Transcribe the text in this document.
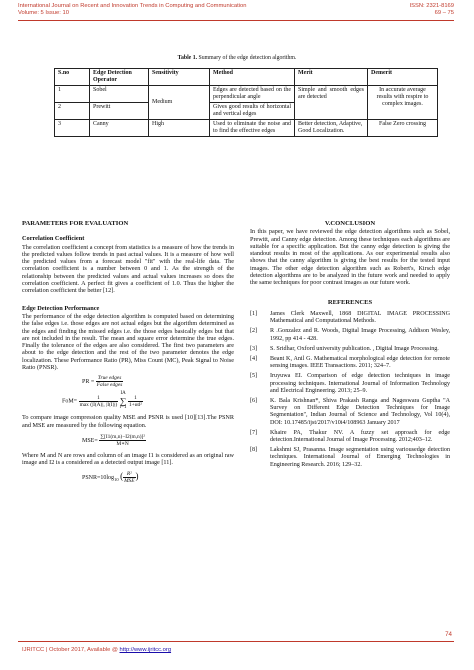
International Journal on Recent and Innovation Trends in Computing and Communication
Volume: 5 Issue: 10
ISSN: 2321-8169
69 – 75
Table 1. Summary of the edge detection algorithm.
S.no	Edge Detection Operator	Sensitivity	Method	Merit	Demerit
1	Sobel	Medium	Edges are detected based on the perpendicular angle	Simple and smooth edges are detected	In accurate average results with respire to complex images.
2	Prewitt		Gives good results of horizontal and vertical edges		
3	Canny	High	Used to eliminate the noise and to find the effective edges	Better detection, Adaptive, Good Localization.	False Zero crossing
PARAMETERS FOR EVALUATION
Correlation Coefficient

The correlation coefficient a concept from statistics is a measure of how the trends in the predicted values follow trends in past actual values. It is a measure of how well the predicted values from a forecast model "fit" with the real-life data. The correlation coefficient is a number between 0 and 1. As the strength of the relationship between the predicted values and actual values increases so does the correlation coefficient. A perfect fit gives a coefficient of 1.0. Thus the higher the correlation coefficient the better [12].

Edge Detection Performance

The performance of the edge detection algorithm is computed based on determining the false edges i.e. those edges are not actual edges but the algorithm determined as the edges and finding the missed edges i.e. the those edges basically edges but that are not included in the result. The mean and square error determine the true edges. Finally the tolerance of the edges are also considered. The first two parameters are about to the edge detection and the rest of the two parameter denotes the edge localization. These Performance Ratio (PR), Miss Count (MC), Peak Signal to Noise Ratio (PNSR).

PR = $\frac{\text{True edges}}{\text{False edges}}$
$FoM= \frac{1}{\max (|I(A)|, |I(I)|)}$

IA
∑
i=1
$\frac{1}{\text{1+αd²}}$

To compare image compression quality MSE and PSNR is used [10][13].The PSNR and MSE are measured by the following equation.

$MSE= \frac{\text{∑[I1(m,n)−I2(m,n)]²}}{M∗N}$

Where M and N are rows and column of an image I1 is considered as an original raw image and I2 is a considered as a detected output image [11].

$PSNR=10\log_{10}$ ( $\frac{\text{R²}}{\text{MSE}}$ )
V.CONCLUSION

In this paper, we have reviewed the edge detection algorithms such as Sobel, Prewitt, and Canny edge detection. Among these techniques each algorithms are suitable for a specific application. But the canny edge detection is giving the standout results in most of the applications. As our experimental results also shows that the canny algorithm is giving the best results for the tested input images. The other edge detection algorithm such as Robert's, Kirsch edge detection algorithms are to be analyzed in the future work and needed to apply the same techniques for poor contrast images as our future work.

REFERENCES
[1]	James Clerk Maxwell, 1868 DIGITAL IMAGE PROCESSING Mathematical and Computational Methods.
[2]	R .Gonzalez and R. Woods, Digital Image Processing, Addison Wesley, 1992, pp 414 - 428.
[3]	S. Sridhar, Oxford university publication. , Digital Image Processing.
[4]	Beant K, Anil G. Mathematical morphological edge detection for remote sensing images. IEEE Transactions. 2011; 324–7.
[5]	Iruyuwa EI. Comparison of edge detection techniques in image processing techniques. International Journal of Information Technology and Electrical Engineering. 2013; 25–9.
[6]	K. Bala Krishnan*, Shiva Prakash Ranga and Nageswara Guptha "A Survey on Different Edge Detection Techniques for Image Segmentation", Indian Journal of Science and Technology, Vol 10(4), DOI: 10.17485/ijst/2017/v10i4/108963 January 2017
[7]	Khaire PA, Thakur NV. A fuzzy set approach for edge detection.International Journal of Image Processing. 2012;403–12.
[8]	Lakshmi SJ, Prasanna. Image segmentation using variousedge detection techniques. International Journal of Emerging Technologies in Engineering Research. 2016; 129–32.
74
IJRITCC | October 2017, Available @ http://www.ijritcc.org
